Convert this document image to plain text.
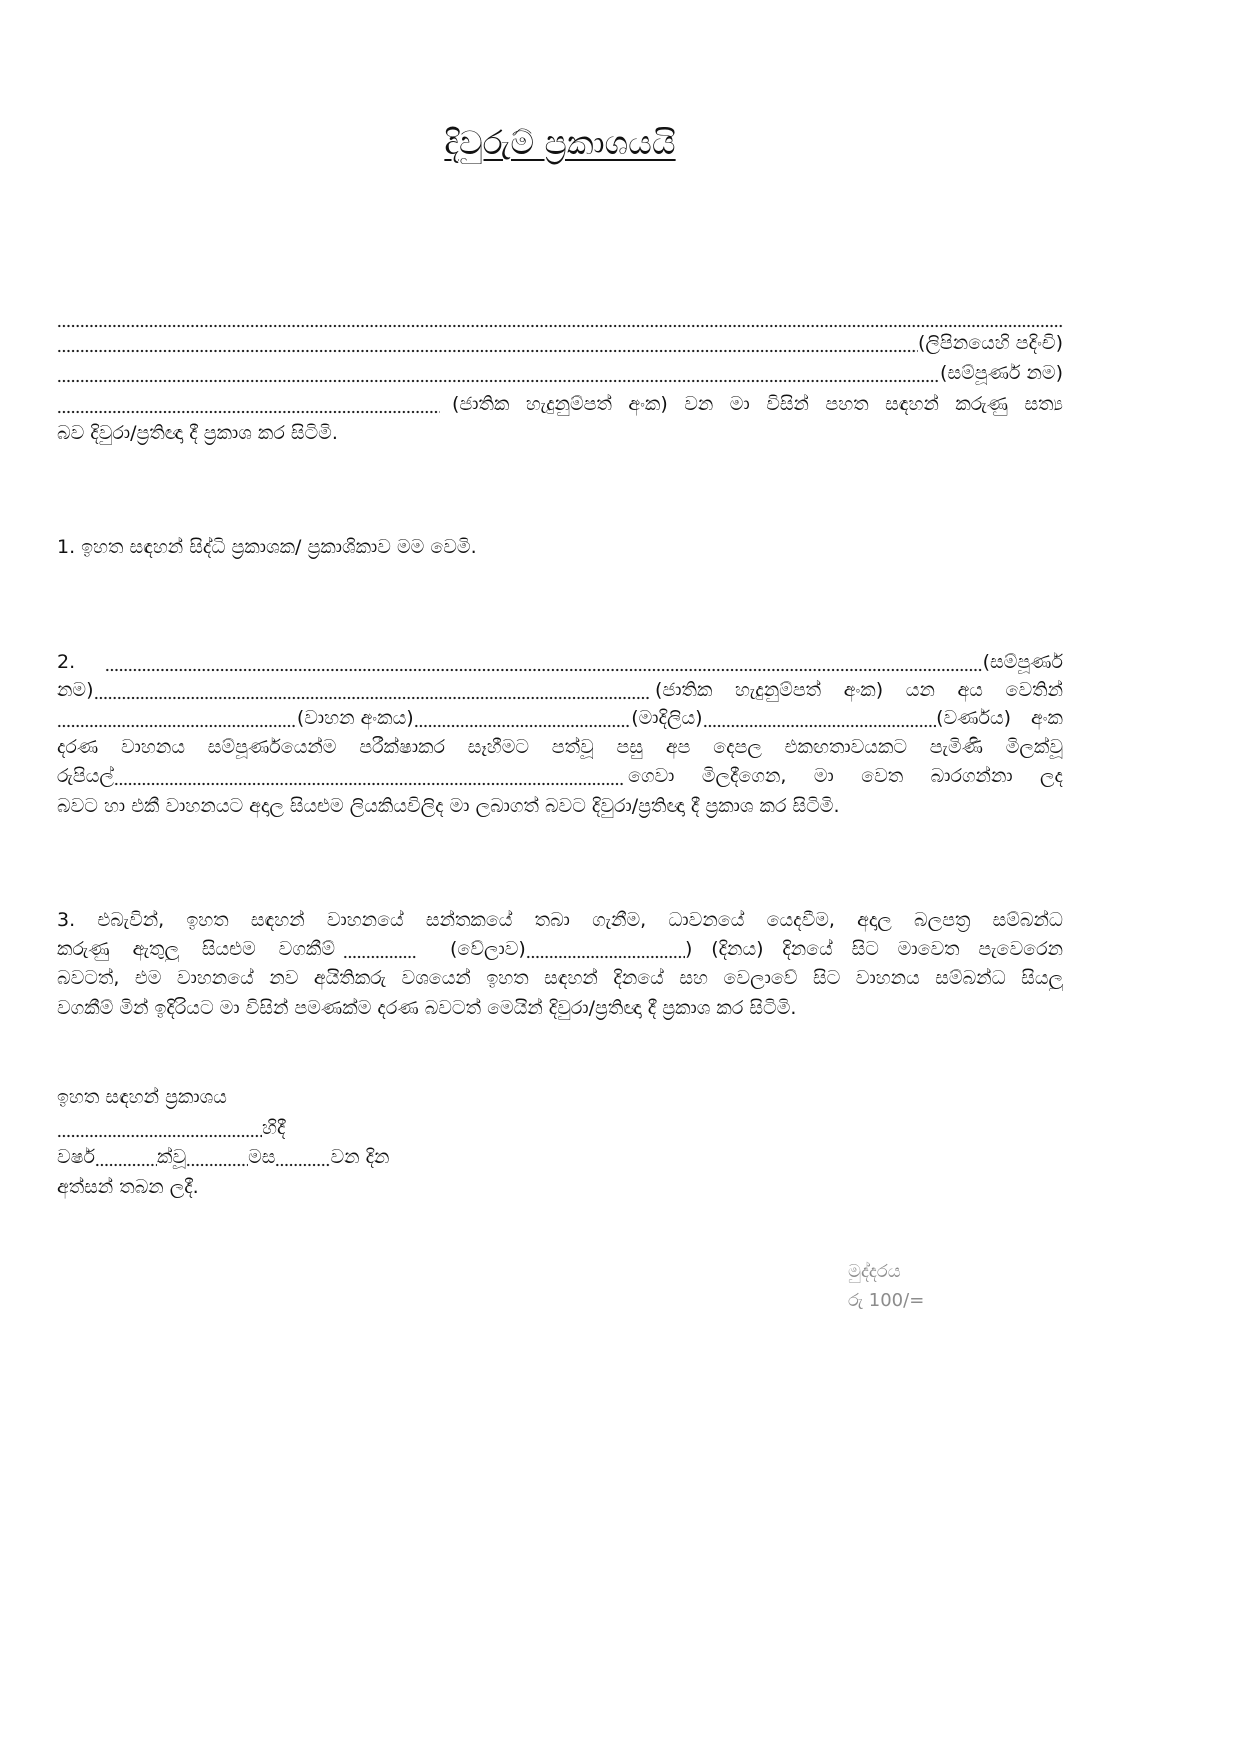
දිවුරුම් ප්‍රකාශයයි
(ලිපිනයෙහි පදිංචි)
(සම්පූර්ණ නම)
(ජාතික හැදුනුම්පත් අංක) වන මා විසින් පහත සඳහන් කරුණු සත්‍ය
බව දිවුරා/ප්‍රතිඥා දී ප්‍රකාශ කර සිටිමි.
1. ඉහත සඳහන් සිද්ධි ප්‍රකාශක/ ප්‍රකාශිකාව මම වෙමි.
2.	(සම්පූර්ණ
නම)	(ජාතික හැදුනුම්පත් අංක) යන අය වෙතින්
(වාහන අංකය)	(මාදිලිය)	(වර්ණය) අංක
දරණ වාහනය සම්පූර්ණයෙන්ම පරීක්ෂාකර සෑහීමට පත්වූ පසු අප දෙපල එකඟතාවයකට පැමිණි මිලක්වූ
රුපියල්	ගෙවා මිලදීගෙන, මා වෙත බාරගන්නා ලද
බවට හා එකී වාහනයට අදාල සියළුම ලියකියවිලිද මා ලබාගත් බවට දිවුරා/ප්‍රතිඥා දී ප්‍රකාශ කර සිටිමි.
3. එබැවින්, ඉහත සඳහන් වාහනයේ සන්තකයේ තබා ගැනීම, ධාවනයේ යෙදවීම, අදාල බලපත්‍ර සම්බන්ධ
කරුණු ඇතුලු සියළුම වගකීම්	(වේලාව)	) (දිනය) දිනයේ සිට මාවෙත පැවෙරෙන
බවටත්, එම වාහනයේ නව අයිතිකරු වශයෙන් ඉහත සඳහන් දිනයේ සහ වෙලාවේ සිට වාහනය සම්බන්ධ සියලු
වගකීම් මින් ඉදිරියට මා විසින් පමණක්ම දරණ බවටත් මෙයින් දිවුරා/ප්‍රතිඥා දී ප්‍රකාශ කර සිටිමි.
ඉහත සඳහන් ප්‍රකාශය
හිදී
වර්ෂ	ක්වූ	මස	වන දින
අත්සන් තබන ලදී.
මුද්දරය
රු 100/=
